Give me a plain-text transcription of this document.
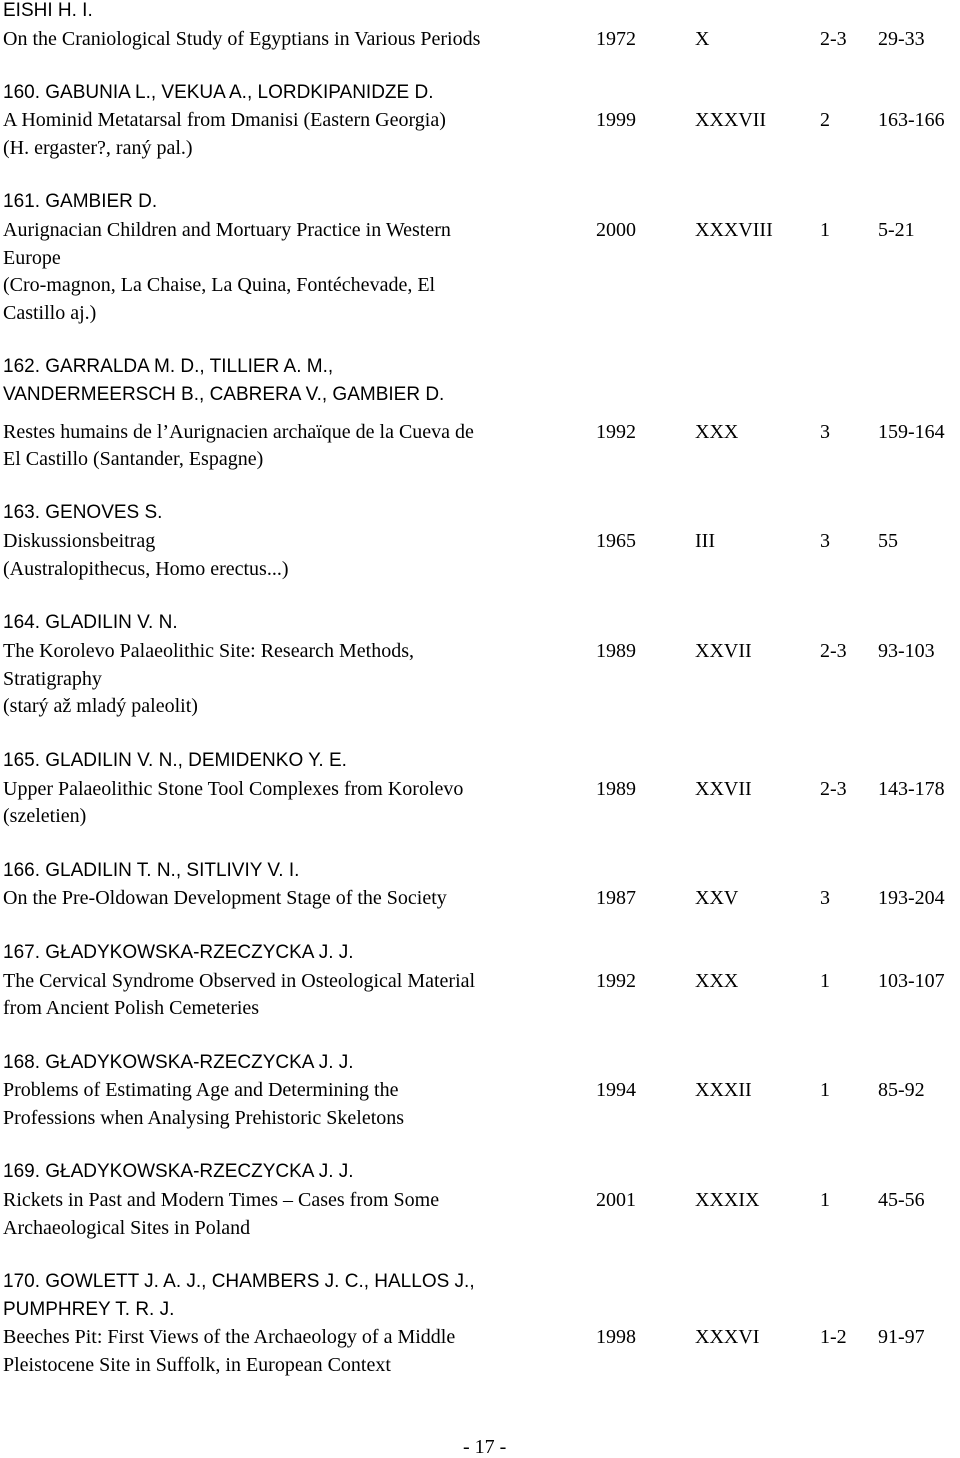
EISHI H. I.
On the Craniological Study of Egyptians in Various Periods	1972	X	2-3 29-33
160. GABUNIA L., VEKUA A., LORDKIPANIDZE D.
A Hominid Metatarsal from Dmanisi (Eastern Georgia)
(H. ergaster?, raný pal.)
1999	XXXVII	2 163-166
161. GAMBIER D.
Aurignacian Children and Mortuary Practice in Western
Europe
(Cro-magnon, La Chaise, La Quina, Fontéchevade, El
Castillo aj.)
2000	XXXVIII 1 5-21
162. GARRALDA M. D., TILLIER A. M.,
VANDERMEERSCH B., CABRERA V., GAMBIER D.
Restes humains de l’Aurignacien archaïque de la Cueva de
El Castillo (Santander, Espagne)
1992	XXX	3 159-164
163. GENOVES S.
Diskussionsbeitrag
(Australopithecus, Homo erectus...)
1965	III	3 55
164. GLADILIN V. N.
The Korolevo Palaeolithic Site: Research Methods,
Stratigraphy
(starý až mladý paleolit)
1989	XXVII	2-3 93-103
165. GLADILIN V. N., DEMIDENKO Y. E.
Upper Palaeolithic Stone Tool Complexes from Korolevo
(szeletien)
1989	XXVII	2-3 143-178
166. GLADILIN T. N., SITLIVIY V. I.
On the Pre-Oldowan Development Stage of the Society	1987	XXV	3 193-204
167. GŁADYKOWSKA-RZECZYCKA J. J.
The Cervical Syndrome Observed in Osteological Material
from Ancient Polish Cemeteries
1992	XXX	1 103-107
168. GŁADYKOWSKA-RZECZYCKA J. J.
Problems of Estimating Age and Determining the
Professions when Analysing Prehistoric Skeletons
1994	XXXII	1 85-92
169. GŁADYKOWSKA-RZECZYCKA J. J.
Rickets in Past and Modern Times – Cases from Some
Archaeological Sites in Poland
2001	XXXIX	1 45-56
170. GOWLETT J. A. J., CHAMBERS J. C., HALLOS J.,
PUMPHREY T. R. J.
Beeches Pit: First Views of the Archaeology of a Middle
Pleistocene Site in Suffolk, in European Context
1998	XXXVI	1-2 91-97
- 17 -
